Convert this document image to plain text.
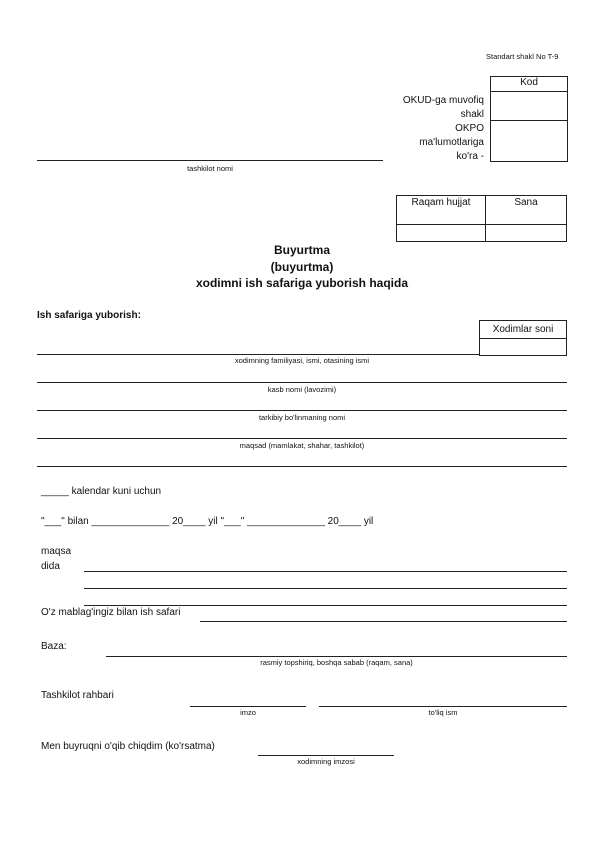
Standart shakl No T-9
Kod

OKUD-ga muvofiq shakl
OKPO ma'lumotlariga ko'ra -
tashkilot nomi
Raqam hujjat	Sana

Buyurtma
(buyurtma)
xodimni ish safariga yuborish haqida
Ish safariga yuborish:
Xodimlar soni

xodimning familiyasi, ismi, otasining ismi
kasb nomi (lavozimi)
tarkibiy bo'linmaning nomi
maqsad (mamlakat, shahar, tashkilot)
_____ kalendar kuni uchun
"___" bilan ______________ 20____ yil "___" ______________ 20____ yil
maqsa dida
O'z mablag'ingiz bilan ish safari
Baza:
rasmiy topshiriq, boshqa sabab (raqam, sana)
Tashkilot rahbari
imzo	to'liq ism
Men buyruqni o'qib chiqdim (ko'rsatma)
xodimning imzosi
